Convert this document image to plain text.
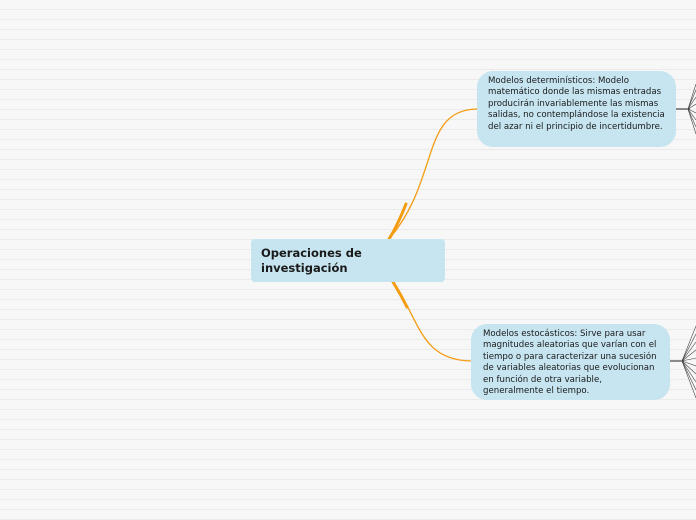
Operaciones de investigación
Modelos determinísticos: Modelo matemático donde las mismas entradas producirán invariablemente las mismas salidas, no contemplándose la existencia del azar ni el principio de incertidumbre.
Modelos estocásticos: Sirve para usar magnitudes aleatorias que varían con el tiempo o para caracterizar una sucesión de variables aleatorias que evolucionan en función de otra variable, generalmente el tiempo.
